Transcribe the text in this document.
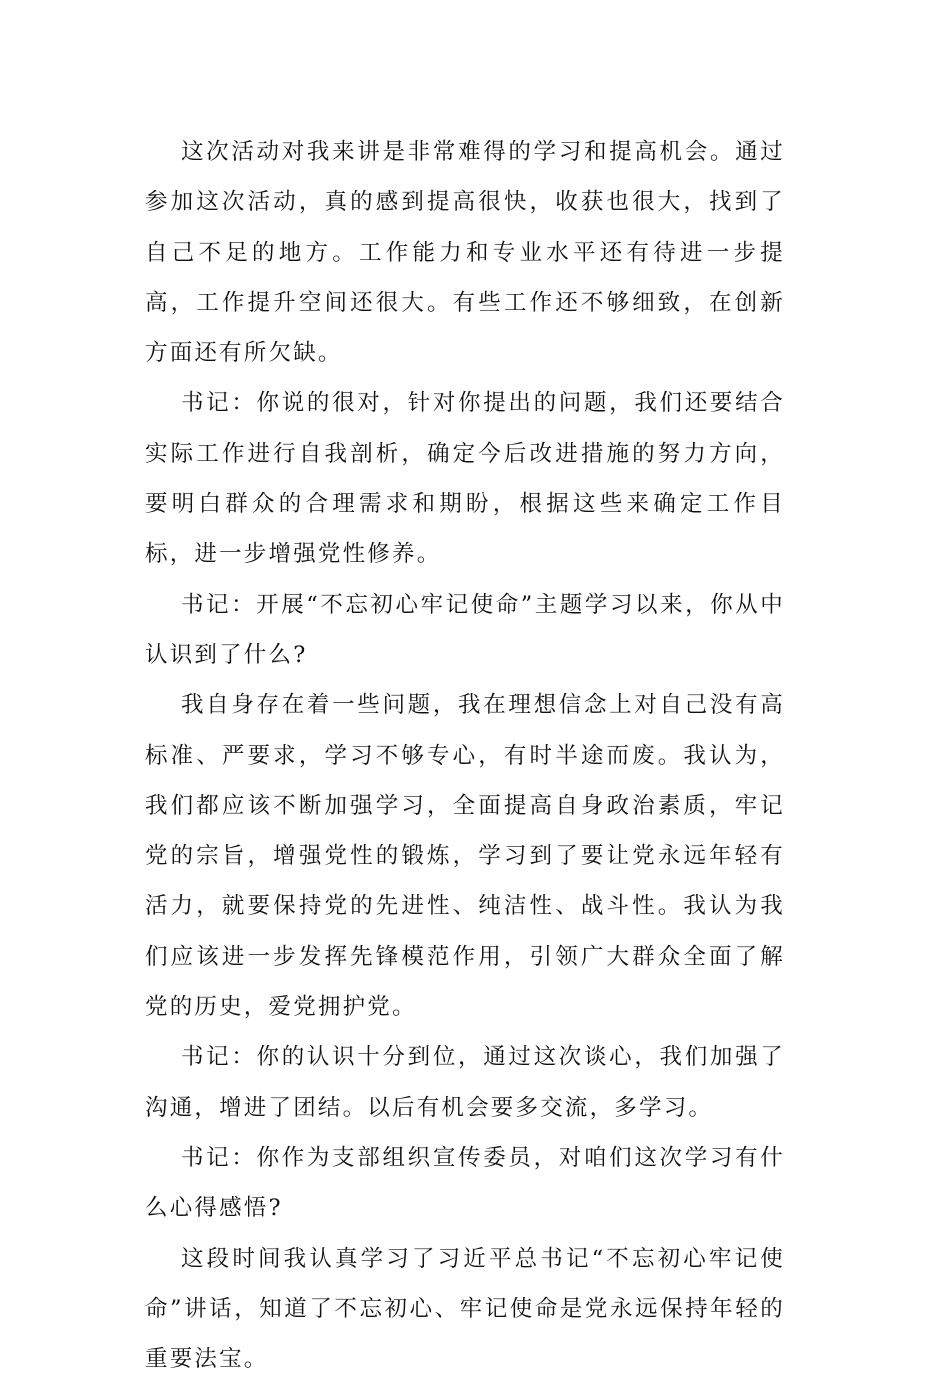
这次活动对我来讲是非常难得的学习和提高机会。通过参加这次活动，真的感到提高很快，收获也很大，找到了自己不足的地方。工作能力和专业水平还有待进一步提高，工作提升空间还很大。有些工作还不够细致，在创新方面还有所欠缺。

书记：你说的很对，针对你提出的问题，我们还要结合实际工作进行自我剖析，确定今后改进措施的努力方向，要明白群众的合理需求和期盼，根据这些来确定工作目标，进一步增强党性修养。

书记：开展“不忘初心牢记使命”主题学习以来，你从中认识到了什么?

我自身存在着一些问题，我在理想信念上对自己没有高标准、严要求，学习不够专心，有时半途而废。我认为，我们都应该不断加强学习，全面提高自身政治素质，牢记党的宗旨，增强党性的锻炼，学习到了要让党永远年轻有活力，就要保持党的先进性、纯洁性、战斗性。我认为我们应该进一步发挥先锋模范作用，引领广大群众全面了解党的历史，爱党拥护党。

书记：你的认识十分到位，通过这次谈心，我们加强了沟通，增进了团结。以后有机会要多交流，多学习。

书记：你作为支部组织宣传委员，对咱们这次学习有什么心得感悟?

这段时间我认真学习了习近平总书记“不忘初心牢记使命”讲话，知道了不忘初心、牢记使命是党永远保持年轻的重要法宝。
